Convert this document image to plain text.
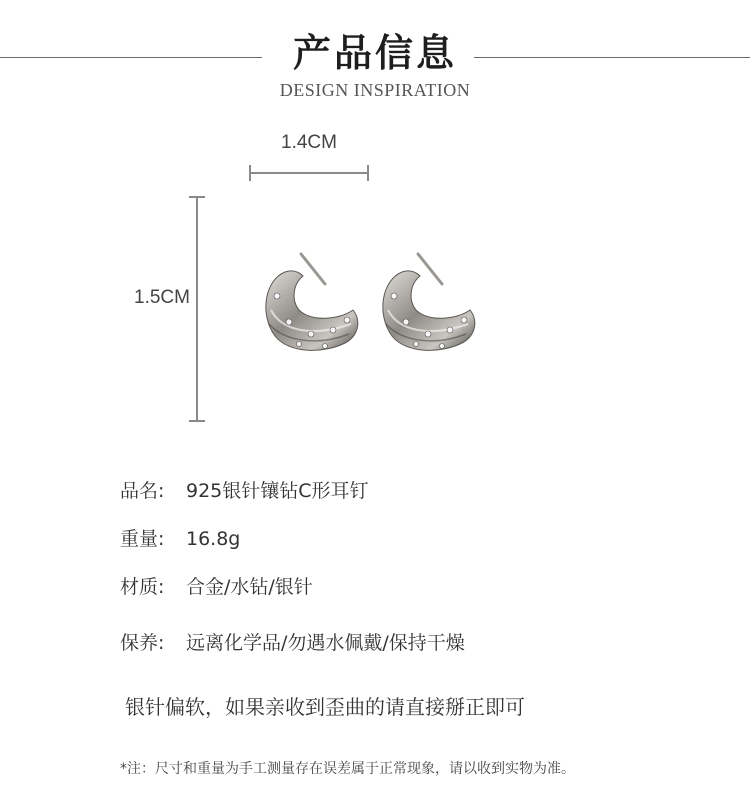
产品信息
DESIGN INSPIRATION
1.4CM
1.5CM
品名: 925银针镶钻C形耳钉
重量: 16.8g
材质: 合金/水钻/银针
保养: 远离化学品/勿遇水佩戴/保持干燥
银针偏软，如果亲收到歪曲的请直接掰正即可
*注：尺寸和重量为手工测量存在误差属于正常现象，请以收到实物为准。
